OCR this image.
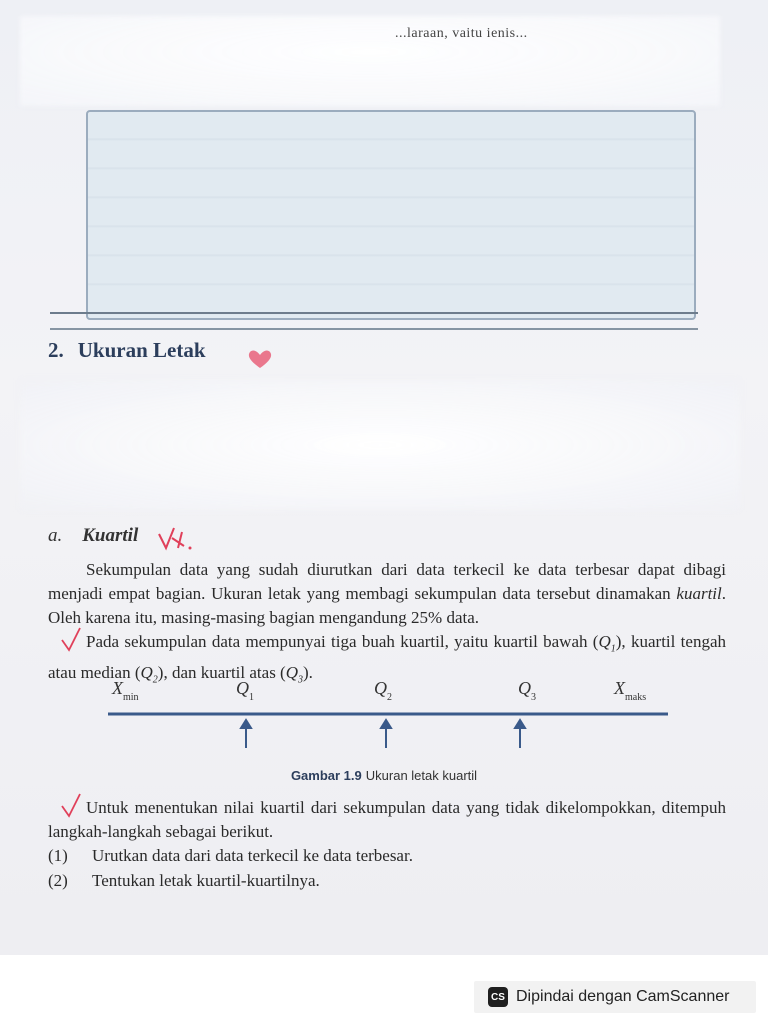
...laraan, vaitu ienis...
2. Ukuran Letak
a. Kuartil
Sekumpulan data yang sudah diurutkan dari data terkecil ke data terbesar dapat dibagi menjadi empat bagian. Ukuran letak yang membagi sekumpulan data tersebut dinamakan kuartil. Oleh karena itu, masing-masing bagian mengandung 25% data.
Pada sekumpulan data mempunyai tiga buah kuartil, yaitu kuartil bawah $(Q_1)$, kuartil tengah atau median $(Q_2)$, dan kuartil atas $(Q_3)$.
$X_{min}$	$Q_1$	$Q_2$	$Q_3$	$X_{maks}$
Gambar 1.9 Ukuran letak kuartil
Untuk menentukan nilai kuartil dari sekumpulan data yang tidak dikelompokkan, ditempuh langkah-langkah sebagai berikut.
(1) Urutkan data dari data terkecil ke data terbesar.
(2) Tentukan letak kuartil-kuartilnya.
CS Dipindai dengan CamScanner
